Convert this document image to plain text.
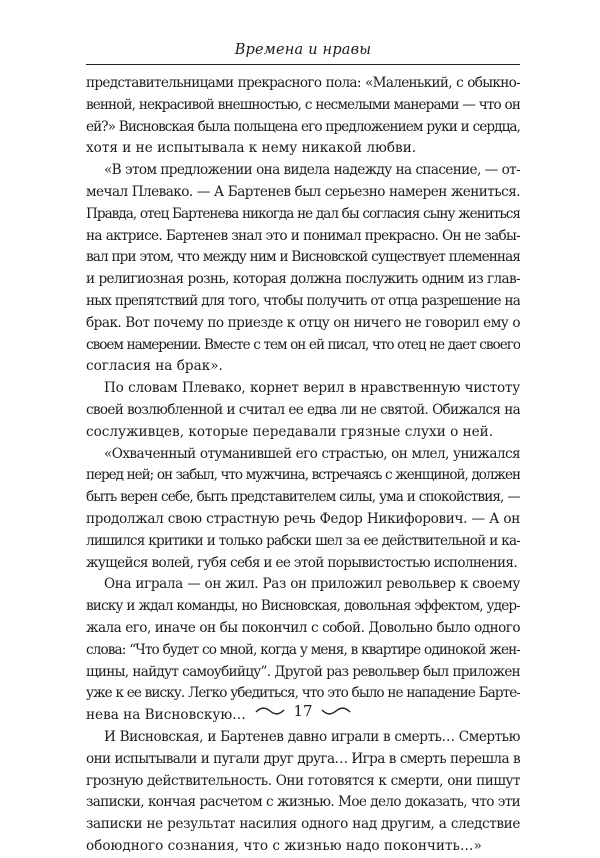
Времена и нравы
представительницами прекрасного пола: «Маленький, с обыкно-
венной, некрасивой внешностью, с несмелыми манерами — что он
ей?» Висновская была польщена его предложением руки и сердца,
хотя и не испытывала к нему никакой любви.
«В этом предложении она видела надежду на спасение, — от-
мечал Плевако. — А Бартенев был серьезно намерен жениться.
Правда, отец Бартенева никогда не дал бы согласия сыну жениться
на актрисе. Бартенев знал это и понимал прекрасно. Он не забы-
вал при этом, что между ним и Висновской существует племенная
и религиозная рознь, которая должна послужить одним из глав-
ных препятствий для того, чтобы получить от отца разрешение на
брак. Вот почему по приезде к отцу он ничего не говорил ему о
своем намерении. Вместе с тем он ей писал, что отец не дает своего
согласия на брак».
По словам Плевако, корнет верил в нравственную чистоту
своей возлюбленной и считал ее едва ли не святой. Обижался на
сослуживцев, которые передавали грязные слухи о ней.
«Охваченный отуманившей его страстью, он млел, унижался
перед ней; он забыл, что мужчина, встречаясь с женщиной, должен
быть верен себе, быть представителем силы, ума и спокойствия, —
продолжал свою страстную речь Федор Никифорович. — А он
лишился критики и только рабски шел за ее действительной и ка-
жущейся волей, губя себя и ее этой порывистостью исполнения.
Она играла — он жил. Раз он приложил револьвер к своему
виску и ждал команды, но Висновская, довольная эффектом, удер-
жала его, иначе он бы покончил с собой. Довольно было одного
слова: “Что будет со мной, когда у меня, в квартире одинокой жен-
щины, найдут самоубийцу”. Другой раз револьвер был приложен
уже к ее виску. Легко убедиться, что это было не нападение Барте-
нева на Висновскую…
И Висновская, и Бартенев давно играли в смерть… Смертью
они испытывали и пугали друг друга… Игра в смерть перешла в
грозную действительность. Они готовятся к смерти, они пишут
записки, кончая расчетом с жизнью. Мое дело доказать, что эти
записки не результат насилия одного над другим, а следствие
обоюдного сознания, что с жизнью надо покончить…»
17
